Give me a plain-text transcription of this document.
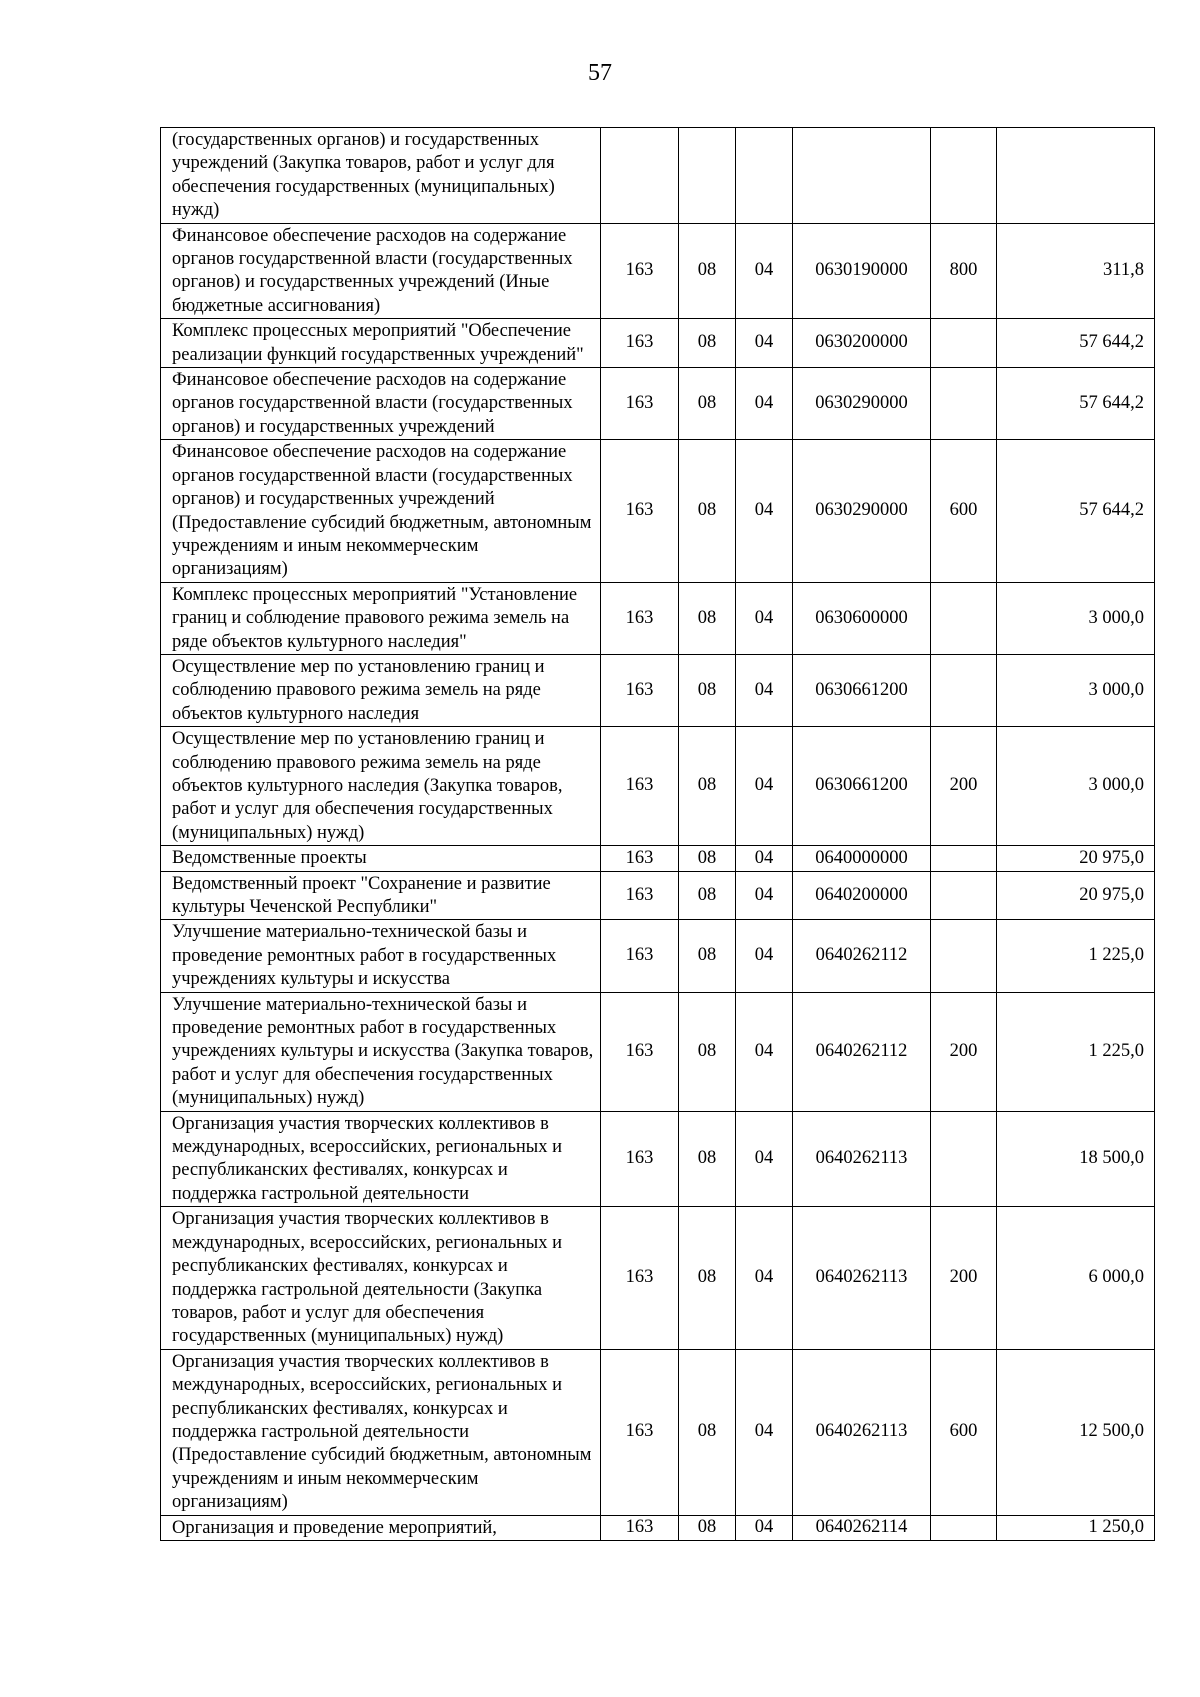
57
(государственных органов) и государственных учреждений (Закупка товаров, работ и услуг для обеспечения государственных (муниципальных) нужд)						
Финансовое обеспечение расходов на содержание органов государственной власти (государственных органов) и государственных учреждений (Иные бюджетные ассигнования)	163	08	04	0630190000	800	311,8
Комплекс процессных мероприятий "Обеспечение реализации функций государственных учреждений"	163	08	04	0630200000		57 644,2
Финансовое обеспечение расходов на содержание органов государственной власти (государственных органов) и государственных учреждений	163	08	04	0630290000		57 644,2
Финансовое обеспечение расходов на содержание органов государственной власти (государственных органов) и государственных учреждений (Предоставление субсидий бюджетным, автономным учреждениям и иным некоммерческим организациям)	163	08	04	0630290000	600	57 644,2
Комплекс процессных мероприятий "Установление границ и соблюдение правового режима земель на ряде объектов культурного наследия"	163	08	04	0630600000		3 000,0
Осуществление мер по установлению границ и соблюдению правового режима земель на ряде объектов культурного наследия	163	08	04	0630661200		3 000,0
Осуществление мер по установлению границ и соблюдению правового режима земель на ряде объектов культурного наследия (Закупка товаров, работ и услуг для обеспечения государственных (муниципальных) нужд)	163	08	04	0630661200	200	3 000,0
Ведомственные проекты	163	08	04	0640000000		20 975,0
Ведомственный проект "Сохранение и развитие культуры Чеченской Республики"	163	08	04	0640200000		20 975,0
Улучшение материально-технической базы и проведение ремонтных работ в государственных учреждениях культуры и искусства	163	08	04	0640262112		1 225,0
Улучшение материально-технической базы и проведение ремонтных работ в государственных учреждениях культуры и искусства (Закупка товаров, работ и услуг для обеспечения государственных (муниципальных) нужд)	163	08	04	0640262112	200	1 225,0
Организация участия творческих коллективов в международных, всероссийских, региональных и республиканских фестивалях, конкурсах и поддержка гастрольной деятельности	163	08	04	0640262113		18 500,0
Организация участия творческих коллективов в международных, всероссийских, региональных и республиканских фестивалях, конкурсах и поддержка гастрольной деятельности (Закупка товаров, работ и услуг для обеспечения государственных (муниципальных) нужд)	163	08	04	0640262113	200	6 000,0
Организация участия творческих коллективов в международных, всероссийских, региональных и республиканских фестивалях, конкурсах и поддержка гастрольной деятельности (Предоставление субсидий бюджетным, автономным учреждениям и иным некоммерческим организациям)	163	08	04	0640262113	600	12 500,0
Организация и проведение мероприятий,	163	08	04	0640262114		1 250,0
